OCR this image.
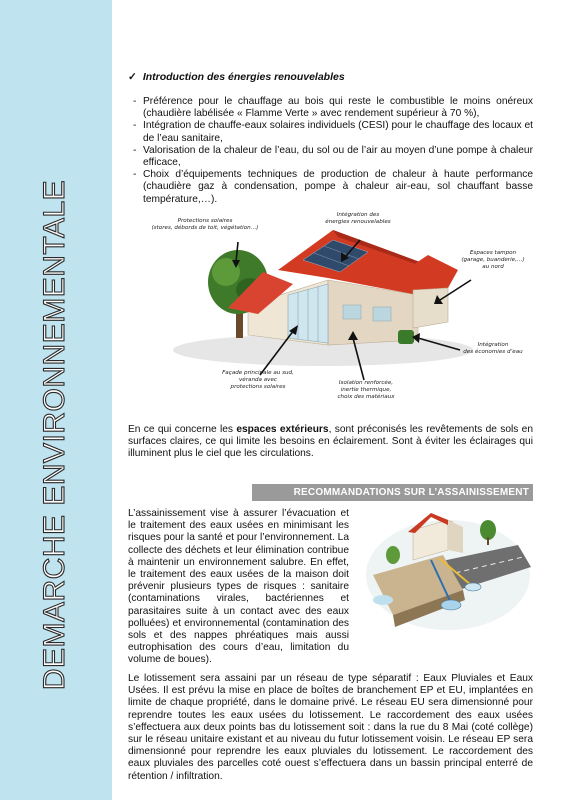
DEMARCHE ENVIRONNEMENTALE
✓ Introduction des énergies renouvelables
- Préférence pour le chauffage au bois qui reste le combustible le moins onéreux (chaudière labélisée « Flamme Verte » avec rendement supérieur à 70 %),
- Intégration de chauffe-eaux solaires individuels (CESI) pour le chauffage des locaux et de l’eau sanitaire,
- Valorisation de la chaleur de l’eau, du sol ou de l’air au moyen d’une pompe à chaleur efficace,
- Choix d’équipements techniques de production de chaleur à haute performance (chaudière gaz à condensation, pompe à chaleur air-eau, sol chauffant basse température,…).
Protections solaires
(stores, débords de toit, végétation…)
Intégration des
énergies renouvelables
Espaces tampon
(garage, buanderie,…)
au nord
Intégration
des économies d’eau
Façade principale au sud,
véranda avec
protections solaires
Isolation renforcée,
inertie thermique,
choix des matériaux
En ce qui concerne les espaces extérieurs, sont préconisés les revêtements de sols en surfaces claires, ce qui limite les besoins en éclairement. Sont à éviter les éclairages qui illuminent plus le ciel que les circulations.
RECOMMANDATIONS SUR L’ASSAINISSEMENT
L’assainissement vise à assurer l’évacuation et le traitement des eaux usées en minimisant les risques pour la santé et pour l’environnement. La collecte des déchets et leur élimination contribue à maintenir un environnement salubre. En effet, le traitement des eaux usées de la maison doit prévenir plusieurs types de risques : sanitaire (contaminations virales, bactériennes et parasitaires suite à un contact avec des eaux polluées) et environnemental (contamination des sols et des nappes phréatiques mais aussi eutrophisation des cours d’eau, limitation du volume de boues).
Le lotissement sera assaini par un réseau de type séparatif : Eaux Pluviales et Eaux Usées. Il est prévu la mise en place de boîtes de branchement EP et EU, implantées en limite de chaque propriété, dans le domaine privé. Le réseau EU sera dimensionné pour reprendre toutes les eaux usées du lotissement. Le raccordement des eaux usées s’effectuera aux deux points bas du lotissement soit : dans la rue du 8 Mai (coté collège) sur le réseau unitaire existant et au niveau du futur lotissement voisin. Le réseau EP sera dimensionné pour reprendre les eaux pluviales du lotissement. Le raccordement des eaux pluviales des parcelles coté ouest s’effectuera dans un bassin principal enterré de rétention / infiltration.
